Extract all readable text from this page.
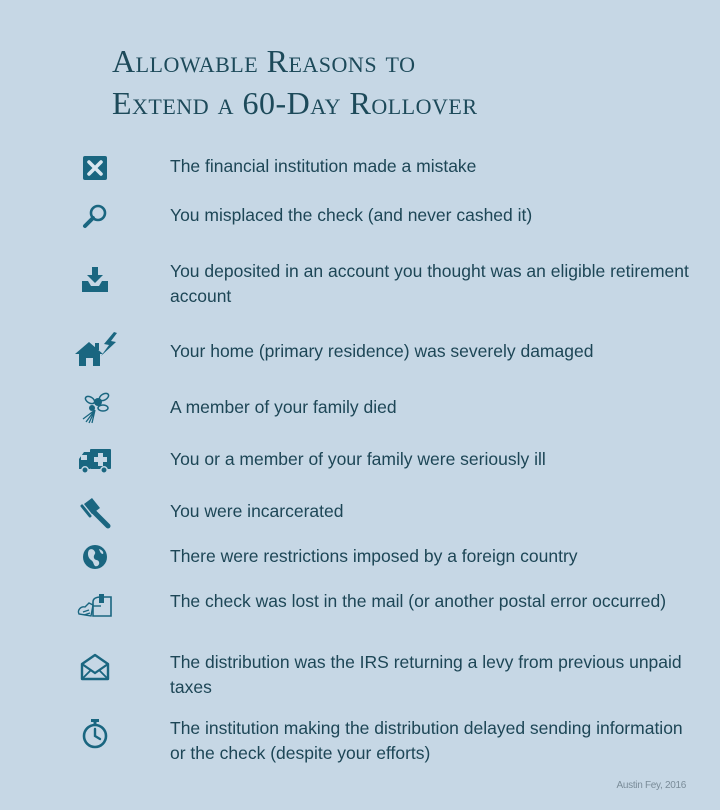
Allowable Reasons to
Extend a 60-Day Rollover
The financial institution made a mistake
You misplaced the check (and never cashed it)
You deposited in an account you thought was an eligible retirement account
Your home (primary residence) was severely damaged
A member of your family died
You or a member of your family were seriously ill
You were incarcerated
There were restrictions imposed by a foreign country
The check was lost in the mail (or another postal error occurred)
The distribution was the IRS returning a levy from previous unpaid taxes
The institution making the distribution delayed sending information or the check (despite your efforts)
Austin Fey, 2016
